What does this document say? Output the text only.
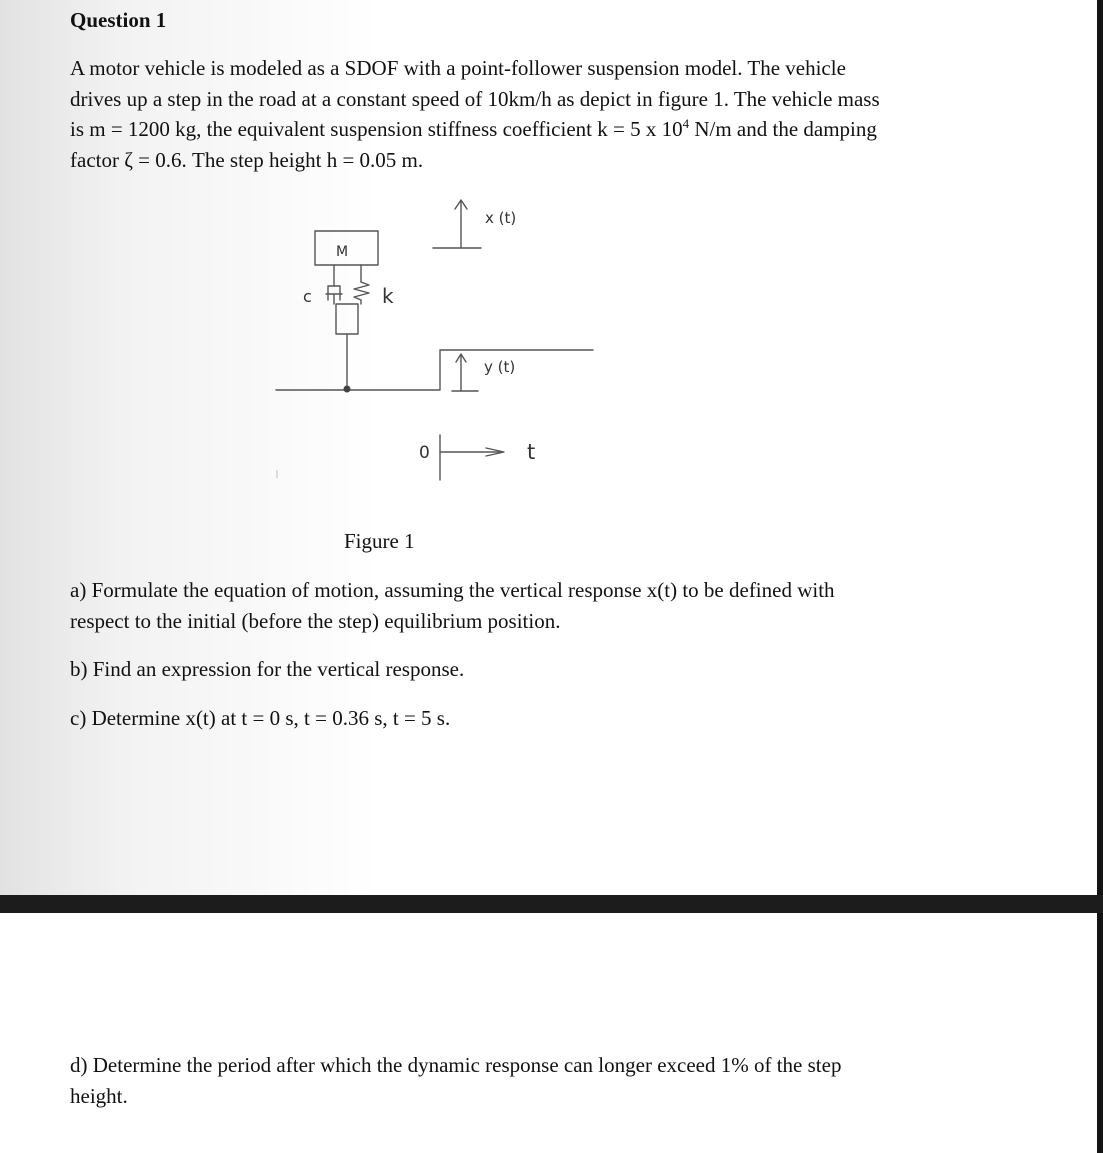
Question 1

A motor vehicle is modeled as a SDOF with a point-follower suspension model. The vehicle
drives up a step in the road at a constant speed of 10km/h as depict in figure 1. The vehicle mass
is m = 1200 kg, the equivalent suspension stiffness coefficient k = 5 x $10^4$ N/m and the damping
factor ζ = 0.6. The step height h = 0.05 m.

M
c	k
x (t)
y (t)
0	t

Figure 1

a) Formulate the equation of motion, assuming the vertical response x(t) to be defined with
respect to the initial (before the step) equilibrium position.

b) Find an expression for the vertical response.

c) Determine x(t) at t = 0 s, t = 0.36 s, t = 5 s.

d) Determine the period after which the dynamic response can longer exceed 1% of the step
height.
